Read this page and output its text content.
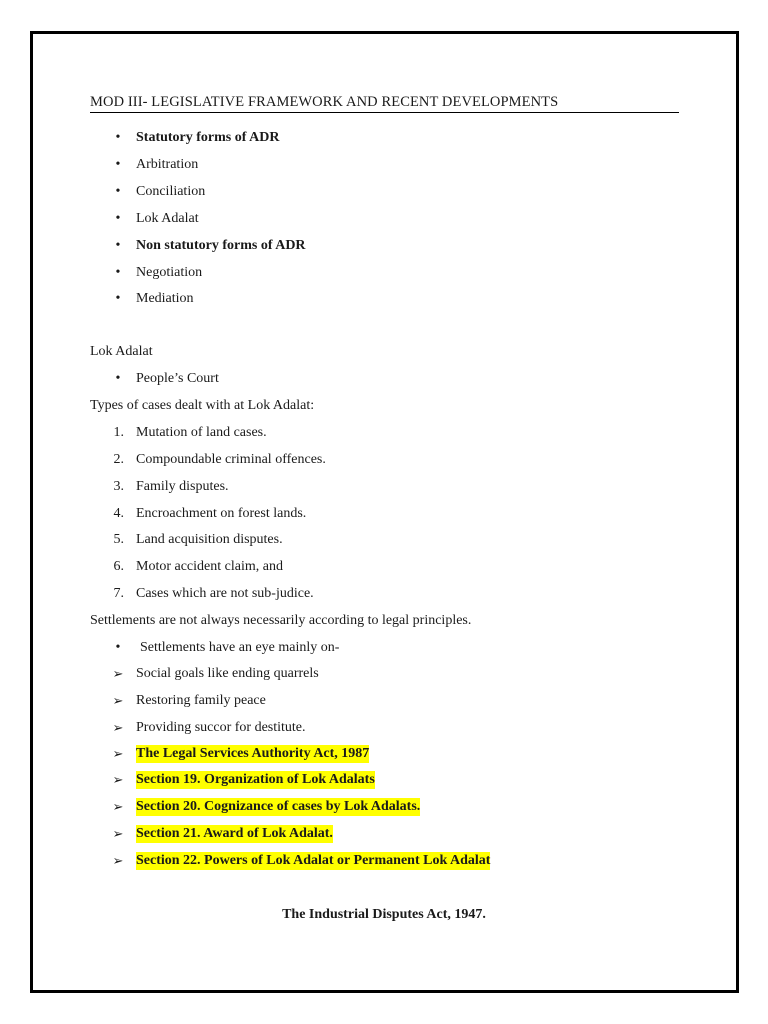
MOD III- LEGISLATIVE FRAMEWORK AND RECENT DEVELOPMENTS
•	Statutory forms of ADR
•	Arbitration
•	Conciliation
•	Lok Adalat
•	Non statutory forms of ADR
•	Negotiation
•	Mediation
Lok Adalat
•	People’s Court
Types of cases dealt with at Lok Adalat:
1. Mutation of land cases.
2. Compoundable criminal offences.
3. Family disputes.
4. Encroachment on forest lands.
5. Land acquisition disputes.
6. Motor accident claim, and
7. Cases which are not sub-judice.
Settlements are not always necessarily according to legal principles.
•	Settlements have an eye mainly on-
➢ Social goals like ending quarrels
➢ Restoring family peace
➢ Providing succor for destitute.
➢ The Legal Services Authority Act, 1987
➢ Section 19. Organization of Lok Adalats
➢ Section 20. Cognizance of cases by Lok Adalats.
➢ Section 21. Award of Lok Adalat.
➢ Section 22. Powers of Lok Adalat or Permanent Lok Adalat
The Industrial Disputes Act, 1947.
